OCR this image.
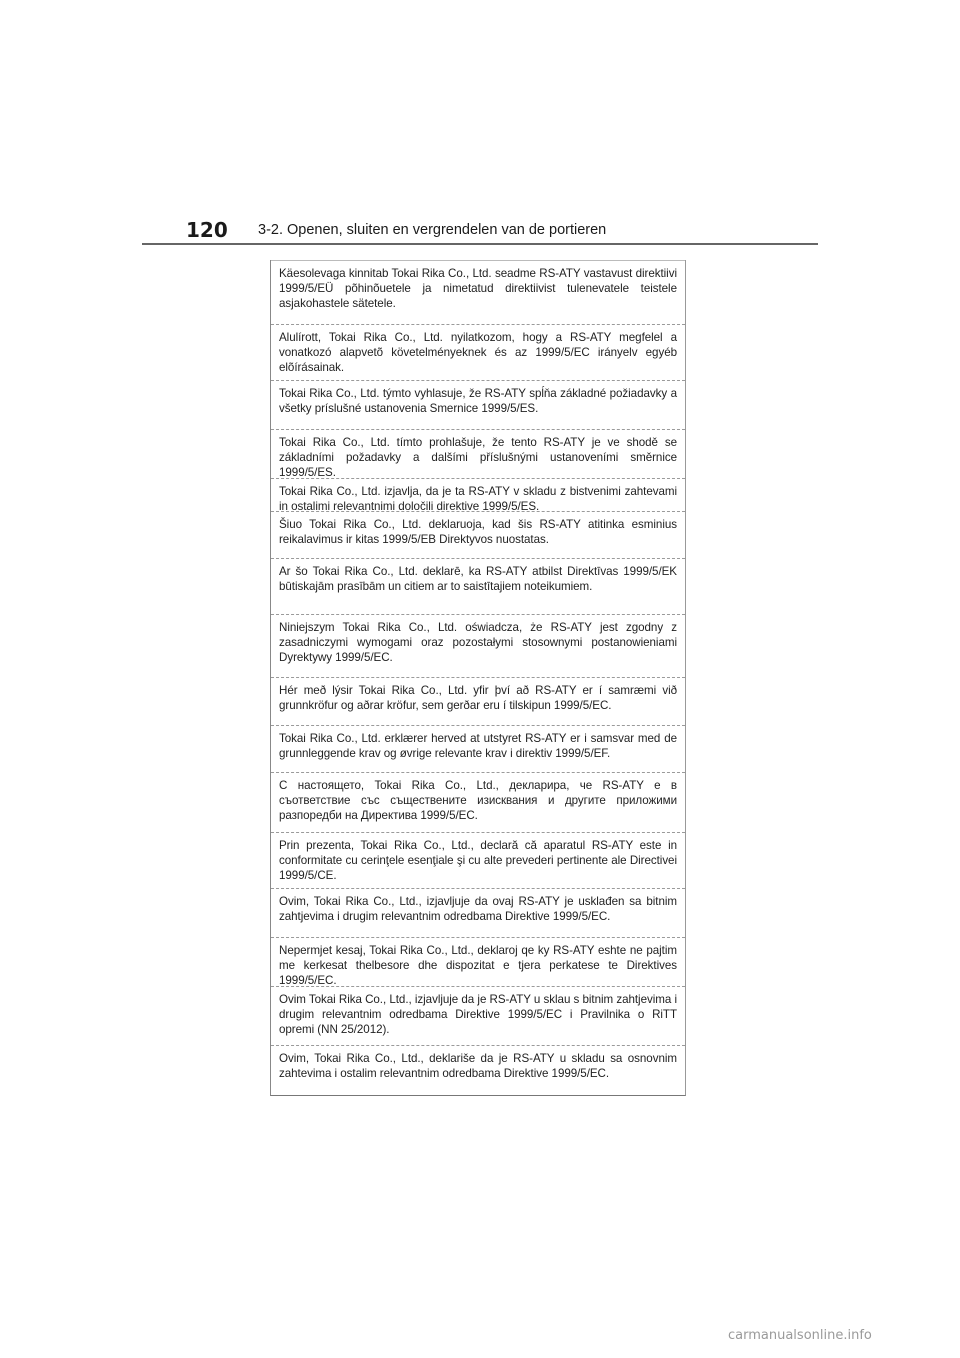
120 3-2. Openen, sluiten en vergrendelen van de portieren
Käesolevaga kinnitab Tokai Rika Co., Ltd. seadme RS-ATY vastavust direktiivi 1999/5/EÜ põhinõuetele ja nimetatud direktiivist tulenevatele teistele asjakohastele sätetele.
Alulírott, Tokai Rika Co., Ltd. nyilatkozom, hogy a RS-ATY megfelel a vonatkozó alapvetõ követelményeknek és az 1999/5/EC irányelv egyéb elõírásainak.
Tokai Rika Co., Ltd. týmto vyhlasuje, že RS-ATY spĺňa základné požiadavky a všetky príslušné ustanovenia Smernice 1999/5/ES.
Tokai Rika Co., Ltd. tímto prohlašuje, že tento RS-ATY je ve shodě se základními požadavky a dalšími příslušnými ustanoveními směrnice 1999/5/ES.
Tokai Rika Co., Ltd. izjavlja, da je ta RS-ATY v skladu z bistvenimi zahtevami in ostalimi relevantnimi določili direktive 1999/5/ES.
Šiuo Tokai Rika Co., Ltd. deklaruoja, kad šis RS-ATY atitinka esminius reikalavimus ir kitas 1999/5/EB Direktyvos nuostatas.
Ar šo Tokai Rika Co., Ltd. deklarē, ka RS-ATY atbilst Direktīvas 1999/5/EK būtiskajām prasībām un citiem ar to saistītajiem noteikumiem.
Niniejszym Tokai Rika Co., Ltd. oświadcza, że RS-ATY jest zgodny z zasadniczymi wymogami oraz pozostałymi stosownymi postanowieniami Dyrektywy 1999/5/EC.
Hér með lýsir Tokai Rika Co., Ltd. yfir því að RS-ATY er í samræmi við grunnkröfur og aðrar kröfur, sem gerðar eru í tilskipun 1999/5/EC.
Tokai Rika Co., Ltd. erklærer herved at utstyret RS-ATY er i samsvar med de grunnleggende krav og øvrige relevante krav i direktiv 1999/5/EF.
С настоящето, Tokai Rika Co., Ltd., декларира, че RS-ATY е в съответствие със съществените изисквания и другите приложими разпоредби на Директива 1999/5/EC.
Prin prezenta, Tokai Rika Co., Ltd., declară că aparatul RS-ATY este in conformitate cu cerinţele esenţiale şi cu alte prevederi pertinente ale Directivei 1999/5/CE.
Ovim, Tokai Rika Co., Ltd., izjavljuje da ovaj RS-ATY je usklađen sa bitnim zahtjevima i drugim relevantnim odredbama Direktive 1999/5/EC.
Nepermjet kesaj, Tokai Rika Co., Ltd., deklaroj qe ky RS-ATY eshte ne pajtim me kerkesat thelbesore dhe dispozitat e tjera perkatese te Direktives 1999/5/EC.
Ovim Tokai Rika Co., Ltd., izjavljuje da je RS-ATY u sklau s bitnim zahtjevima i drugim relevantnim odredbama Direktive 1999/5/EC i Pravilnika o RiTT opremi (NN 25/2012).
Ovim, Tokai Rika Co., Ltd., deklariše da je RS-ATY u skladu sa osnovnim zahtevima i ostalim relevantnim odredbama Direktive 1999/5/EC.
carmanualsonline.info
